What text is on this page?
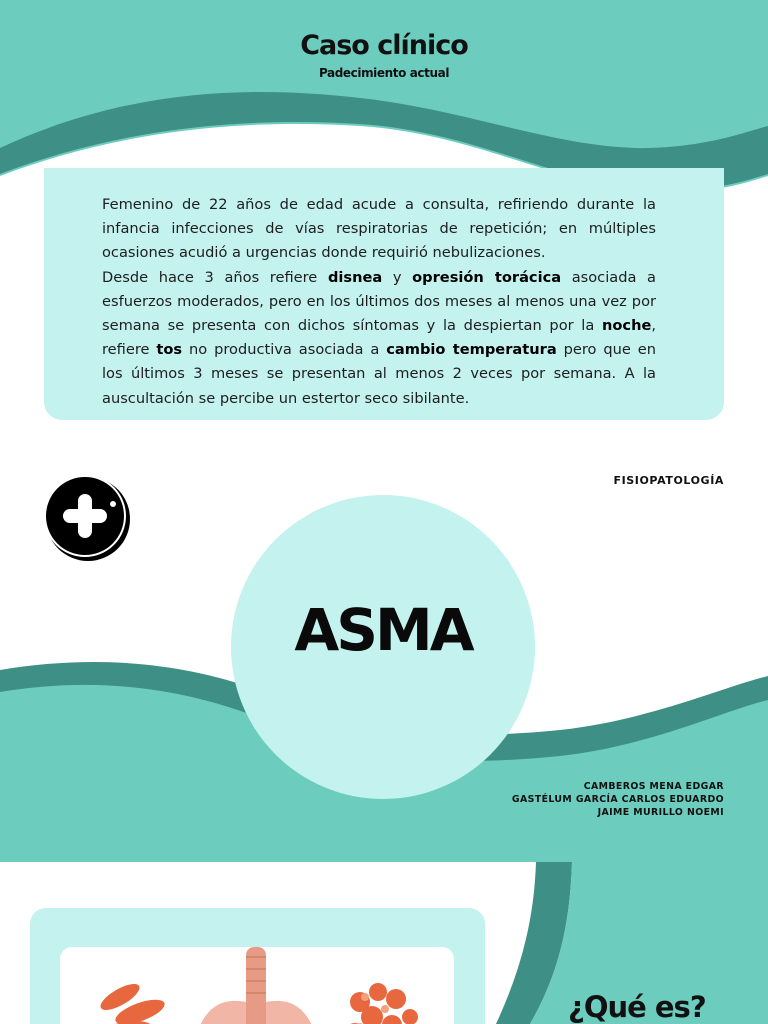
Caso clínico
Padecimiento actual

Femenino de 22 años de edad acude a consulta, refiriendo durante la infancia infecciones de vías respiratorias de repetición; en múltiples ocasiones acudió a urgencias donde requirió nebulizaciones.

Desde hace 3 años refiere disnea y opresión torácica asociada a esfuerzos moderados, pero en los últimos dos meses al menos una vez por semana se presenta con dichos síntomas y la despiertan por la noche, refiere tos no productiva asociada a cambio temperatura pero que en los últimos 3 meses se presentan al menos 2 veces por semana. A la auscultación se percibe un estertor seco sibilante.

FISIOPATOLOGÍA
ASMA
CAMBEROS MENA EDGAR
GASTÉLUM GARCÍA CARLOS EDUARDO
JAIME MURILLO NOEMI
¿Qué es?
